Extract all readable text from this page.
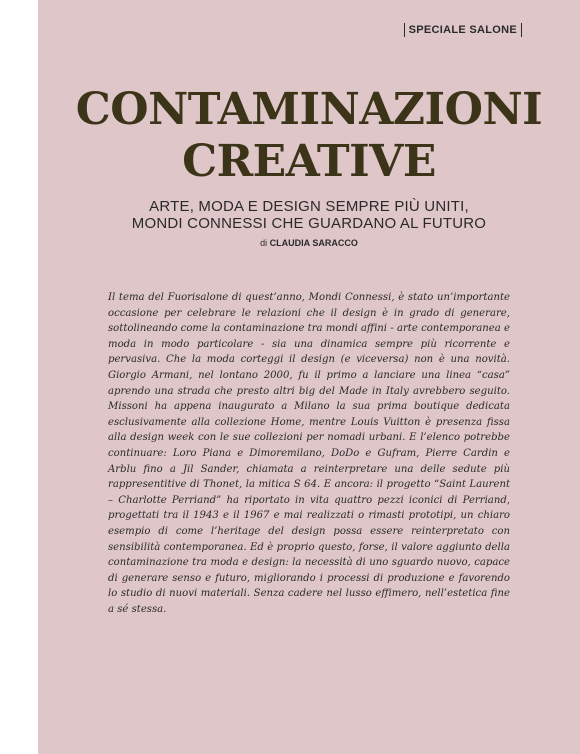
SPECIALE SALONE
CONTAMINAZIONI
CREATIVE
ARTE, MODA E DESIGN SEMPRE PIÙ UNITI,
MONDI CONNESSI CHE GUARDANO AL FUTURO
di CLAUDIA SARACCO

Il tema del Fuorisalone di quest’anno, Mondi Connessi, è stato un’importante occasione per celebrare le relazioni che il design è in grado di generare, sottolineando come la contaminazione tra mondi affini - arte contemporanea e moda in modo particolare - sia una dinamica sempre più ricorrente e pervasiva. Che la moda corteggi il design (e viceversa) non è una novità. Giorgio Armani, nel lontano 2000, fu il primo a lanciare una linea “casa” aprendo una strada che presto altri big del Made in Italy avrebbero seguito. Missoni ha appena inaugurato a Milano la sua prima boutique dedicata esclusivamente alla collezione Home, mentre Louis Vuitton è presenza fissa alla design week con le sue collezioni per nomadi urbani. E l’elenco potrebbe continuare: Loro Piana e Dimoremilano, DoDo e Gufram, Pierre Cardin e Arblu fino a Jil Sander, chiamata a reinterpretare una delle sedute più rappresentitive di Thonet, la mitica S 64. E ancora: il progetto “Saint Laurent – Charlotte Perriand” ha riportato in vita quattro pezzi iconici di Perriand, progettati tra il 1943 e il 1967 e mai realizzati o rimasti prototipi, un chiaro esempio di come l’heritage del design possa essere reinterpretato con sensibilità contemporanea. Ed è proprio questo, forse, il valore aggiunto della contaminazione tra moda e design: la necessità di uno sguardo nuovo, capace di generare senso e futuro, migliorando i processi di produzione e favorendo lo studio di nuovi materiali. Senza cadere nel lusso effimero, nell’estetica fine a sé stessa.
